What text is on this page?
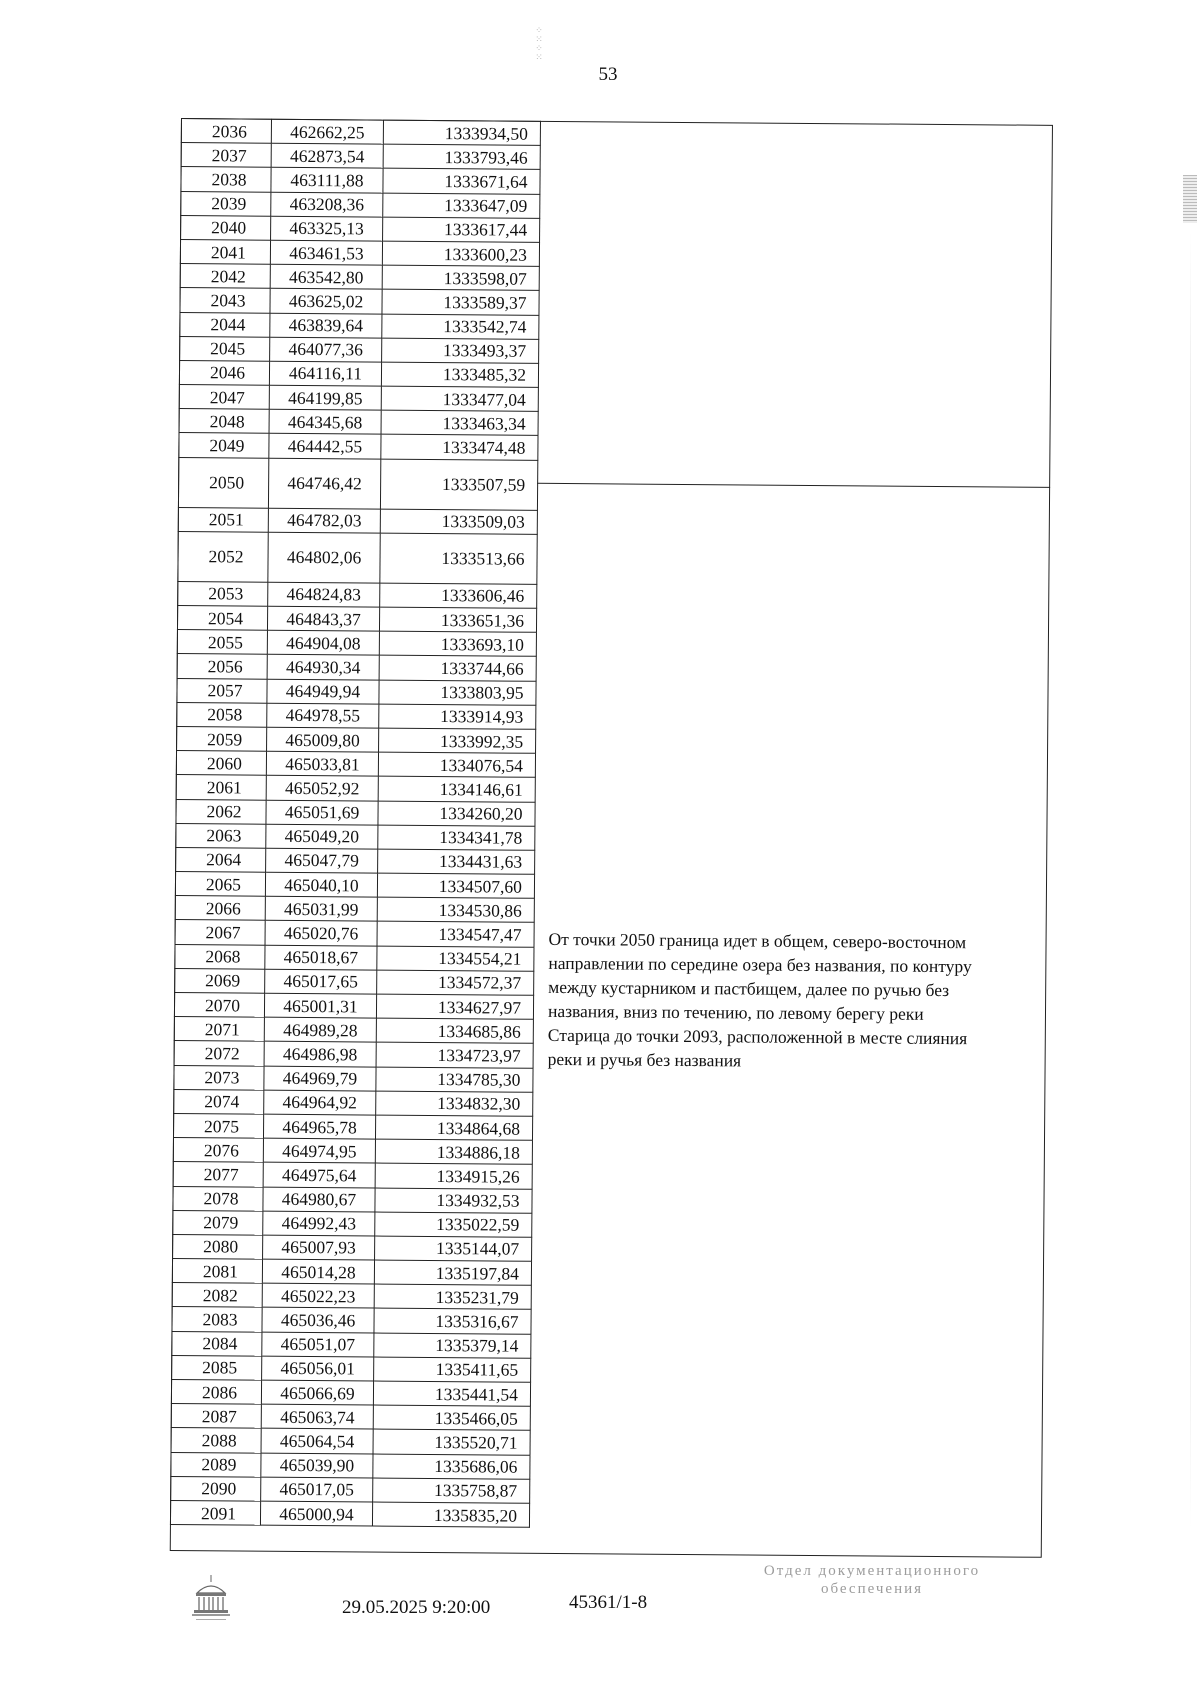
⁘
⁙
⁘
⁙
53
2036	462662,25	1333934,50
2037	462873,54	1333793,46
2038	463111,88	1333671,64
2039	463208,36	1333647,09
2040	463325,13	1333617,44
2041	463461,53	1333600,23
2042	463542,80	1333598,07
2043	463625,02	1333589,37
2044	463839,64	1333542,74
2045	464077,36	1333493,37
2046	464116,11	1333485,32
2047	464199,85	1333477,04
2048	464345,68	1333463,34
2049	464442,55	1333474,48
2050	464746,42	1333507,59
2051	464782,03	1333509,03
2052	464802,06	1333513,66
2053	464824,83	1333606,46
2054	464843,37	1333651,36
2055	464904,08	1333693,10
2056	464930,34	1333744,66
2057	464949,94	1333803,95
2058	464978,55	1333914,93
2059	465009,80	1333992,35
2060	465033,81	1334076,54
2061	465052,92	1334146,61
2062	465051,69	1334260,20
2063	465049,20	1334341,78
2064	465047,79	1334431,63
2065	465040,10	1334507,60
2066	465031,99	1334530,86
2067	465020,76	1334547,47
2068	465018,67	1334554,21
2069	465017,65	1334572,37
2070	465001,31	1334627,97
2071	464989,28	1334685,86
2072	464986,98	1334723,97
2073	464969,79	1334785,30
2074	464964,92	1334832,30
2075	464965,78	1334864,68
2076	464974,95	1334886,18
2077	464975,64	1334915,26
2078	464980,67	1334932,53
2079	464992,43	1335022,59
2080	465007,93	1335144,07
2081	465014,28	1335197,84
2082	465022,23	1335231,79
2083	465036,46	1335316,67
2084	465051,07	1335379,14
2085	465056,01	1335411,65
2086	465066,69	1335441,54
2087	465063,74	1335466,05
2088	465064,54	1335520,71
2089	465039,90	1335686,06
2090	465017,05	1335758,87
2091	465000,94	1335835,20
От точки 2050 граница идет в общем, северо-восточном
направлении по середине озера без названия, по контуру
между кустарником и пастбищем, далее по ручью без
названия, вниз по течению, по левому берегу реки
Старица до точки 2093, расположенной в месте слияния
реки и ручья без названия
29.05.2025 9:20:00	45361/1-8
Отдел документационного
обеспечения
